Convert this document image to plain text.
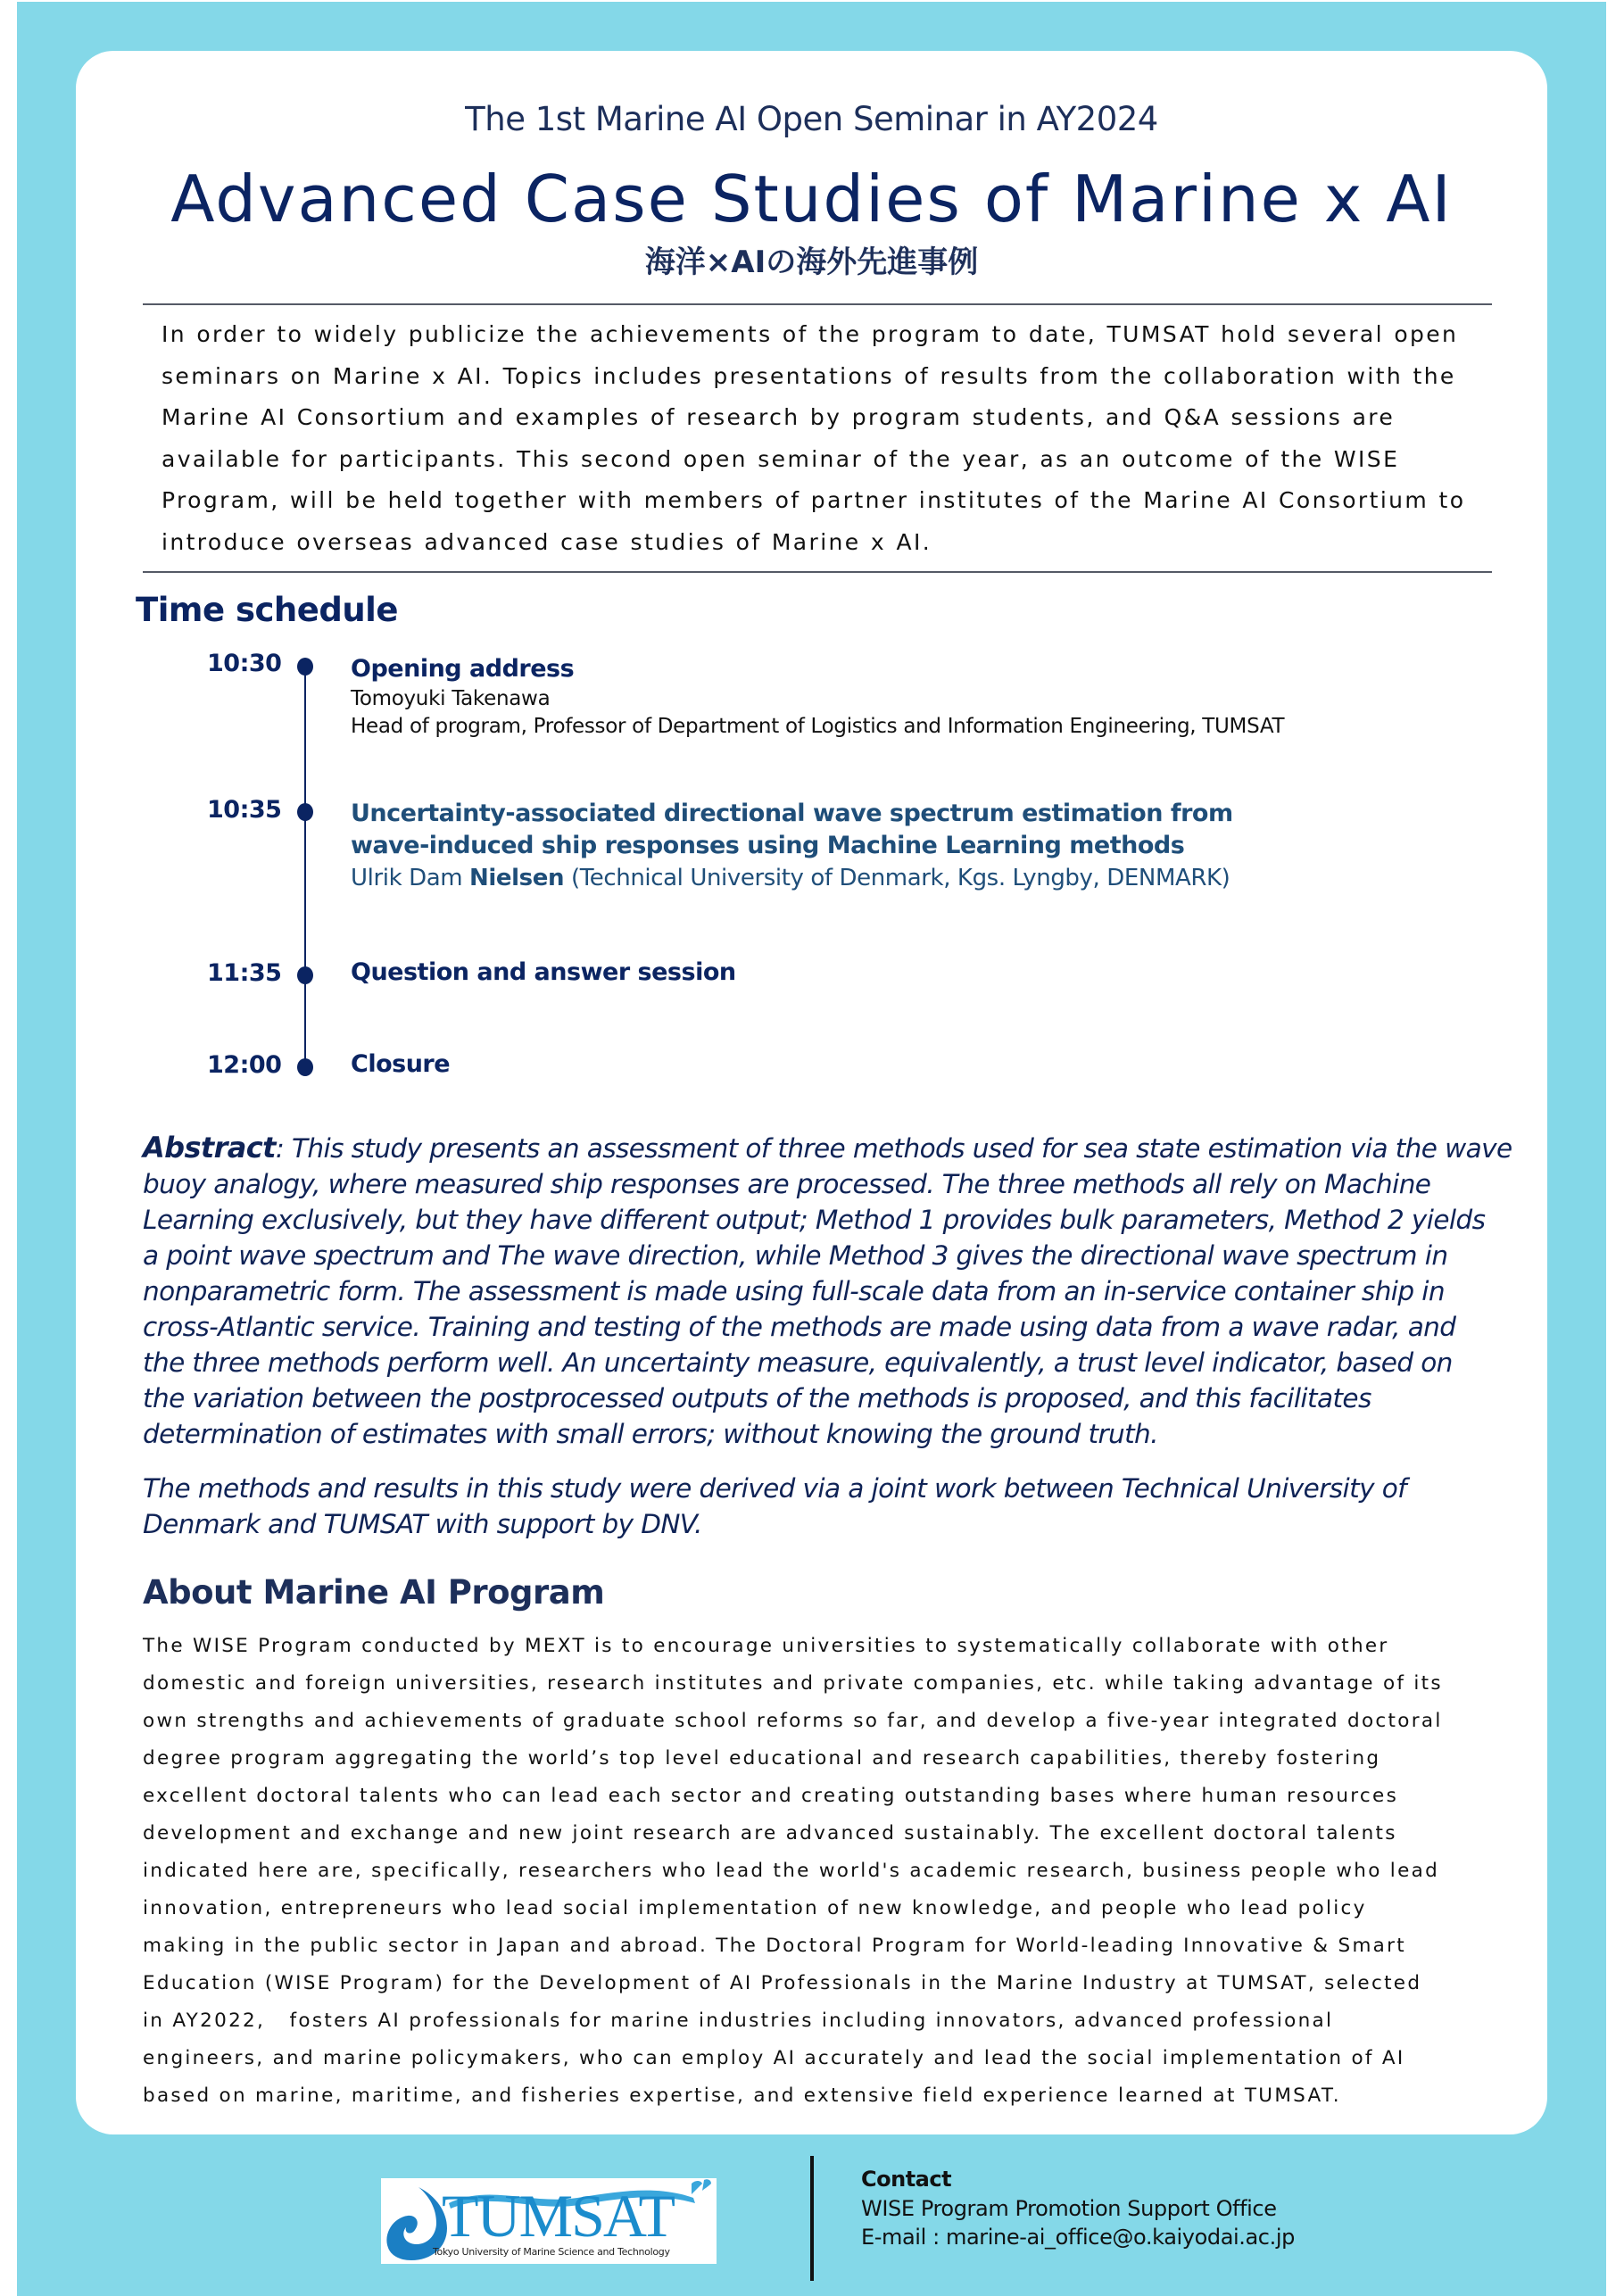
The 1st Marine AI Open Seminar in AY2024
Advanced Case Studies of Marine x AI
海洋×AIの海外先進事例
In order to widely publicize the achievements of the program to date, TUMSAT hold several open
seminars on Marine x AI. Topics includes presentations of results from the collaboration with the
Marine AI Consortium and examples of research by program students, and Q&A sessions are
available for participants. This second open seminar of the year, as an outcome of the WISE
Program, will be held together with members of partner institutes of the Marine AI Consortium to
introduce overseas advanced case studies of Marine x AI.
Time schedule
10:30	Opening address
Tomoyuki Takenawa
Head of program, Professor of Department of Logistics and Information Engineering, TUMSAT
10:35	Uncertainty-associated directional wave spectrum estimation from
wave-induced ship responses using Machine Learning methods
Ulrik Dam Nielsen (Technical University of Denmark, Kgs. Lyngby, DENMARK)
11:35	Question and answer session
12:00	Closure
Abstract: This study presents an assessment of three methods used for sea state estimation via the wave
buoy analogy, where measured ship responses are processed. The three methods all rely on Machine
Learning exclusively, but they have different output; Method 1 provides bulk parameters, Method 2 yields
a point wave spectrum and The wave direction, while Method 3 gives the directional wave spectrum in
nonparametric form. The assessment is made using full-scale data from an in-service container ship in
cross-Atlantic service. Training and testing of the methods are made using data from a wave radar, and
the three methods perform well. An uncertainty measure, equivalently, a trust level indicator, based on
the variation between the postprocessed outputs of the methods is proposed, and this facilitates
determination of estimates with small errors; without knowing the ground truth.
The methods and results in this study were derived via a joint work between Technical University of
Denmark and TUMSAT with support by DNV.
About Marine AI Program
The WISE Program conducted by MEXT is to encourage universities to systematically collaborate with other
domestic and foreign universities, research institutes and private companies, etc. while taking advantage of its
own strengths and achievements of graduate school reforms so far, and develop a five-year integrated doctoral
degree program aggregating the world’s top level educational and research capabilities, thereby fostering
excellent doctoral talents who can lead each sector and creating outstanding bases where human resources
development and exchange and new joint research are advanced sustainably. The excellent doctoral talents
indicated here are, specifically, researchers who lead the world's academic research, business people who lead
innovation, entrepreneurs who lead social implementation of new knowledge, and people who lead policy
making in the public sector in Japan and abroad. The Doctoral Program for World-leading Innovative & Smart
Education (WISE Program) for the Development of AI Professionals in the Marine Industry at TUMSAT, selected
in AY2022,   fosters AI professionals for marine industries including innovators, advanced professional
engineers, and marine policymakers, who can employ AI accurately and lead the social implementation of AI
based on marine, maritime, and fisheries expertise, and extensive field experience learned at TUMSAT.
TUMSAT
Tokyo University of Marine Science and Technology
Contact
WISE Program Promotion Support Office
E-mail : marine-ai_office@o.kaiyodai.ac.jp
